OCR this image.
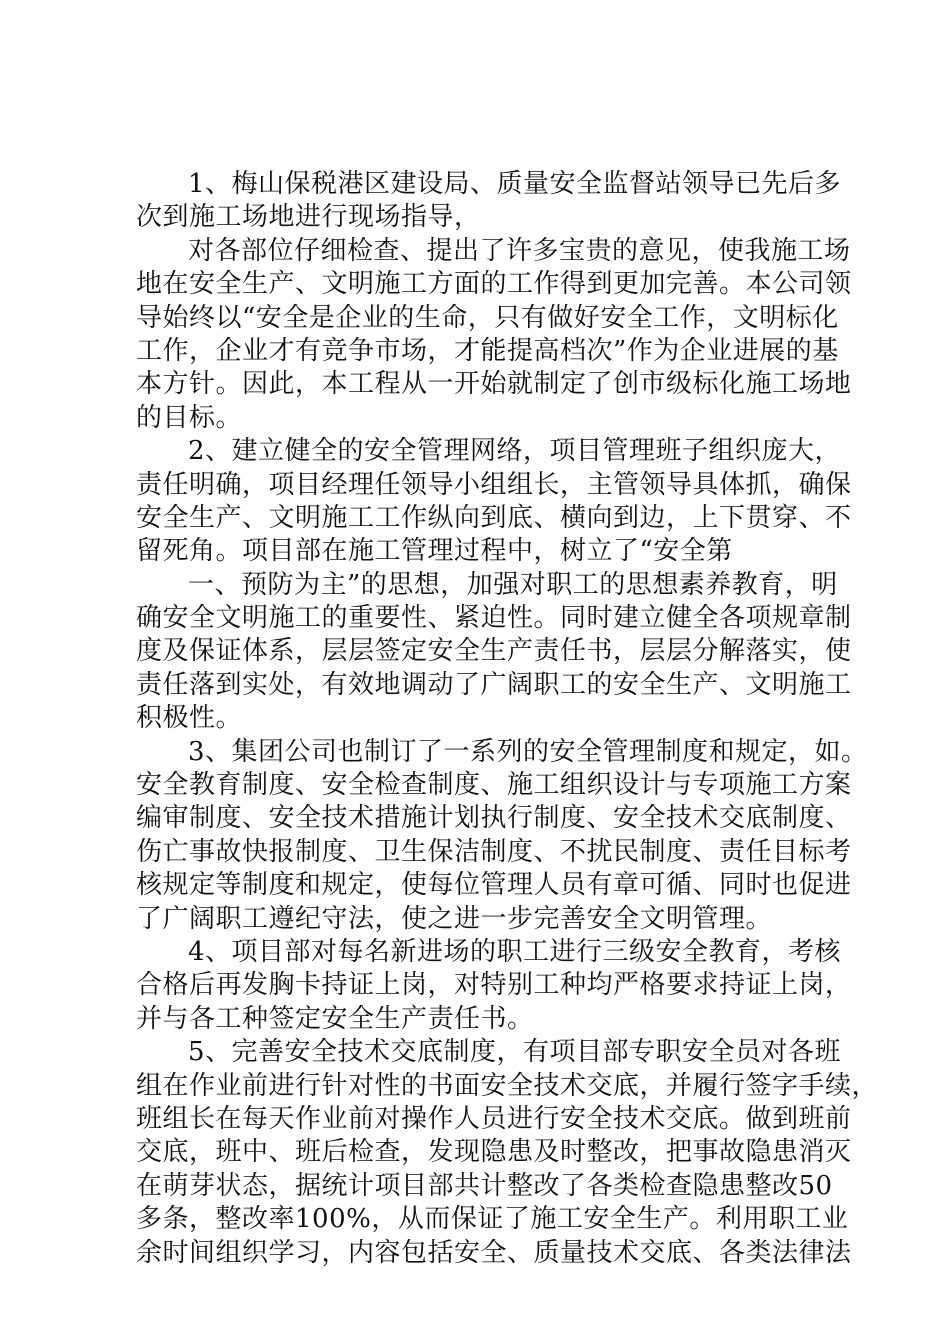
1、梅山保税港区建设局、质量安全监督站领导已先后多
次到施工场地进行现场指导，
对各部位仔细检查、提出了许多宝贵的意见，使我施工场
地在安全生产、文明施工方面的工作得到更加完善。本公司领
导始终以“安全是企业的生命，只有做好安全工作，文明标化
工作，企业才有竞争市场，才能提高档次”作为企业进展的基
本方针。因此，本工程从一开始就制定了创市级标化施工场地
的目标。
2、建立健全的安全管理网络，项目管理班子组织庞大，
责任明确，项目经理任领导小组组长，主管领导具体抓，确保
安全生产、文明施工工作纵向到底、横向到边，上下贯穿、不
留死角。项目部在施工管理过程中，树立了“安全第
一、预防为主”的思想，加强对职工的思想素养教育，明
确安全文明施工的重要性、紧迫性。同时建立健全各项规章制
度及保证体系，层层签定安全生产责任书，层层分解落实，使
责任落到实处，有效地调动了广阔职工的安全生产、文明施工
积极性。
3、集团公司也制订了一系列的安全管理制度和规定，如。
安全教育制度、安全检查制度、施工组织设计与专项施工方案
编审制度、安全技术措施计划执行制度、安全技术交底制度、
伤亡事故快报制度、卫生保洁制度、不扰民制度、责任目标考
核规定等制度和规定，使每位管理人员有章可循、同时也促进
了广阔职工遵纪守法，使之进一步完善安全文明管理。
4、项目部对每名新进场的职工进行三级安全教育，考核
合格后再发胸卡持证上岗，对特别工种均严格要求持证上岗，
并与各工种签定安全生产责任书。
5、完善安全技术交底制度，有项目部专职安全员对各班
组在作业前进行针对性的书面安全技术交底，并履行签字手续，
班组长在每天作业前对操作人员进行安全技术交底。做到班前
交底，班中、班后检查，发现隐患及时整改，把事故隐患消灭
在萌芽状态，据统计项目部共计整改了各类检查隐患整改50
多条，整改率100%，从而保证了施工安全生产。利用职工业
余时间组织学习，内容包括安全、质量技术交底、各类法律法
